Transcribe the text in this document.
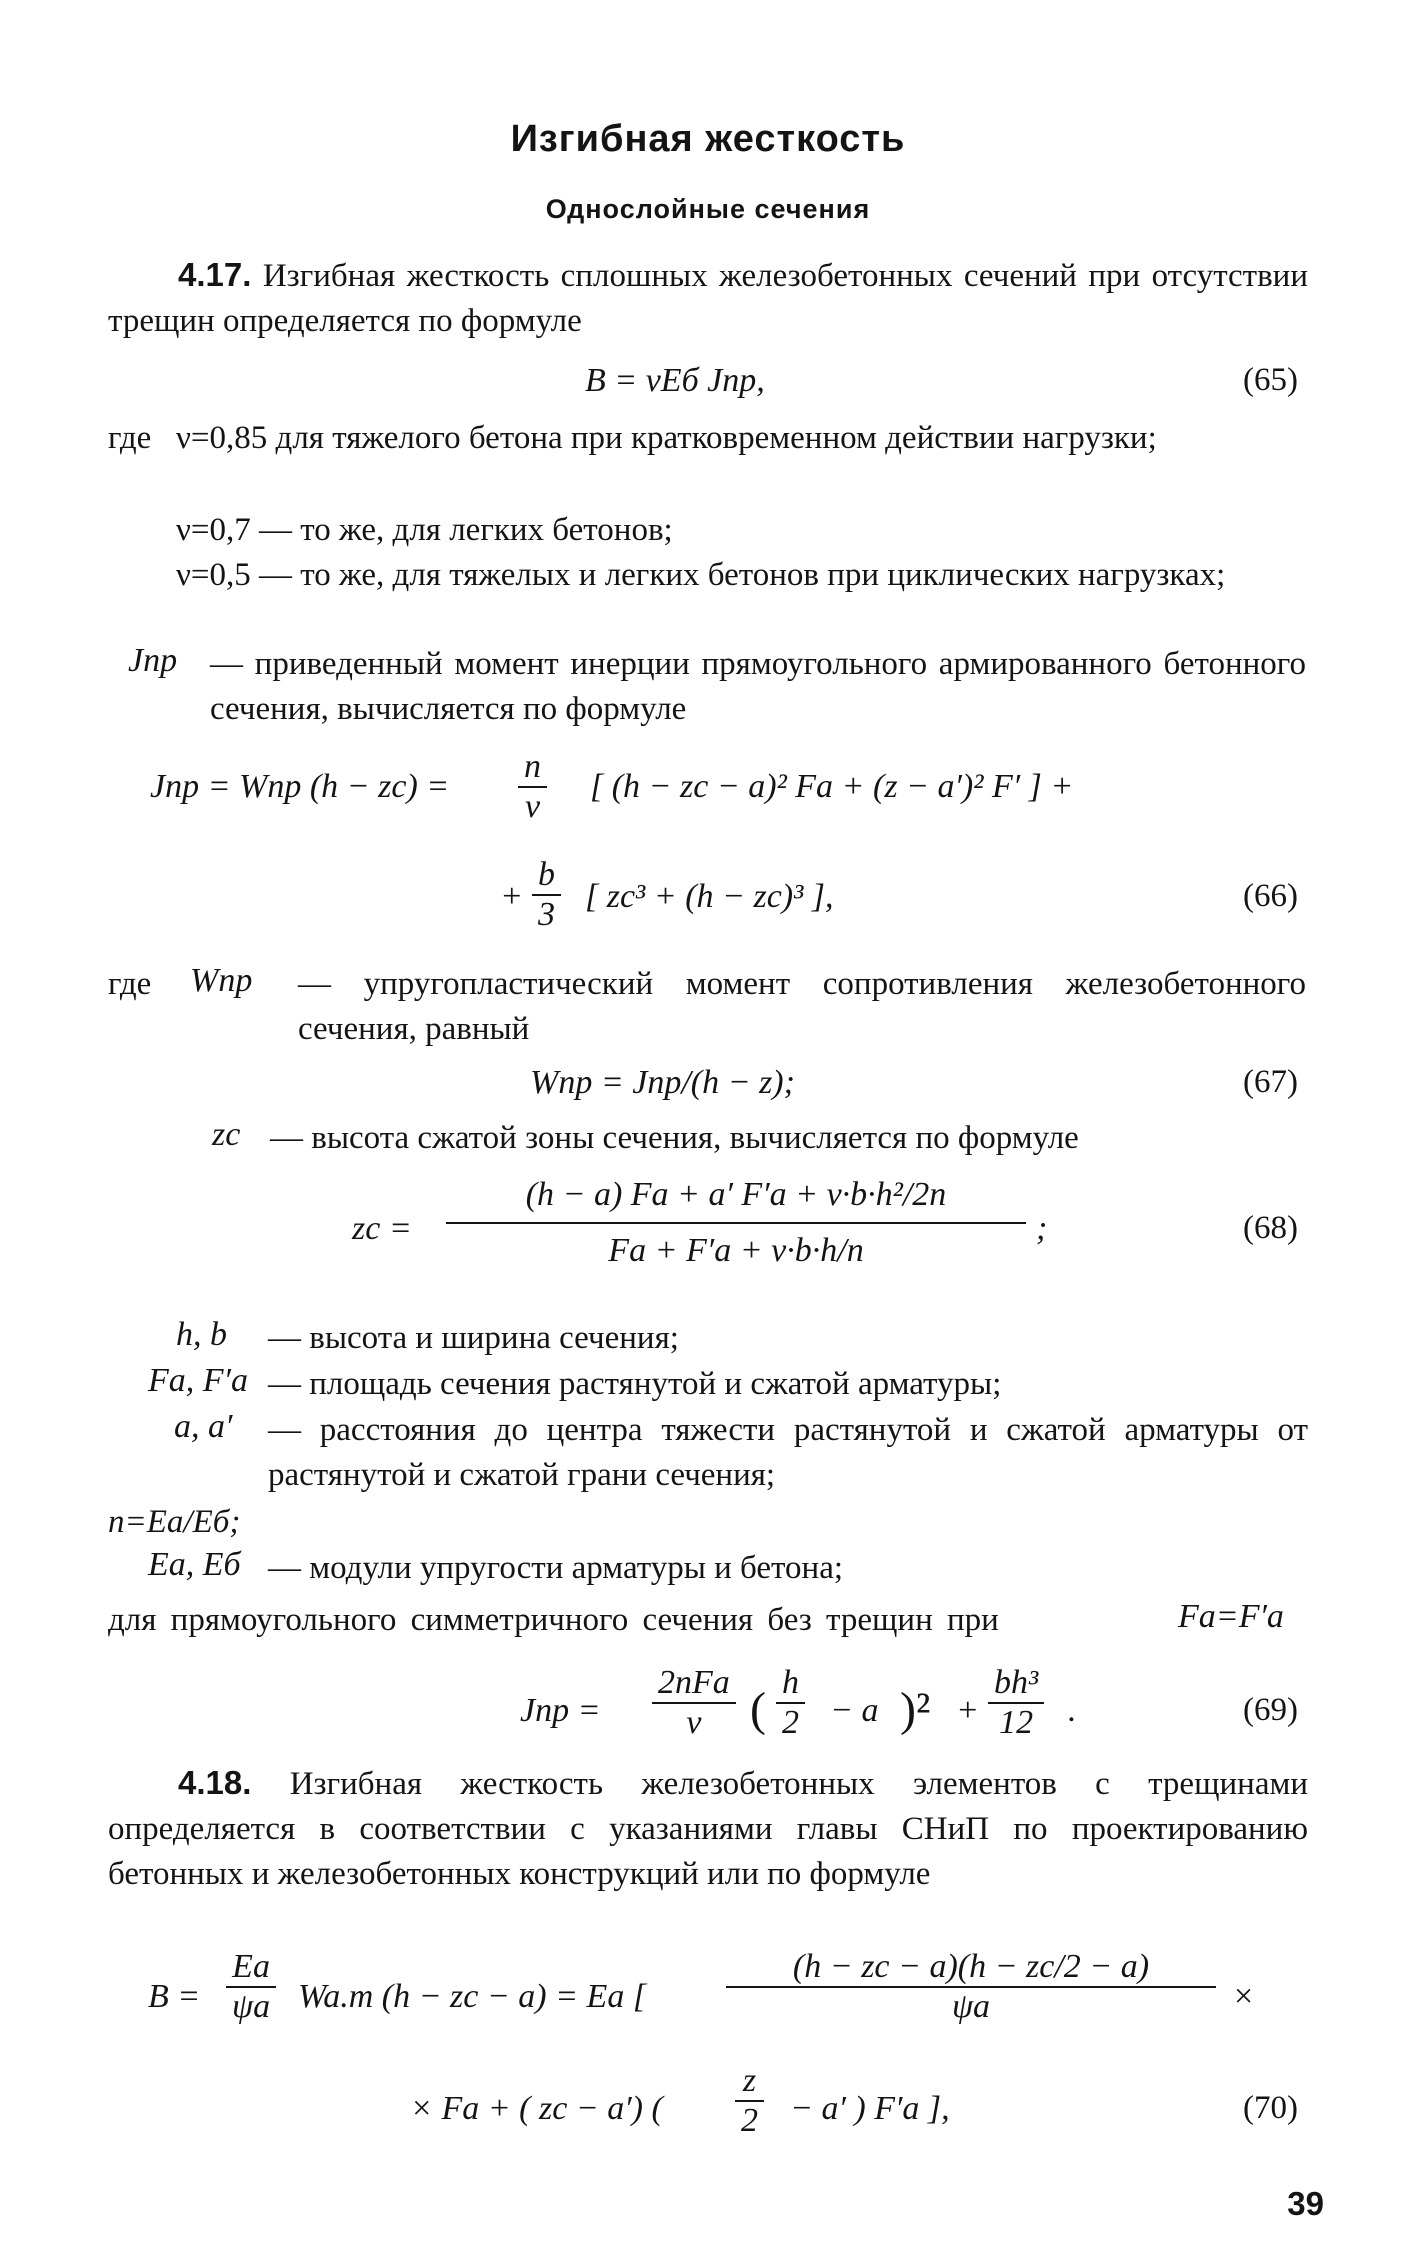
Изгибная жесткость
Однослойные сечения

4.17. Изгибная жесткость сплошных железобетонных сечений при отсутствии трещин определяется по формуле

B = νEб Jпр,	(65)
где ν=0,85 для тяжелого бетона при кратковременном действии нагрузки;
ν=0,7 — то же, для легких бетонов;
ν=0,5 — то же, для тяжелых и легких бетонов при циклических нагрузках;
Jпр — приведенный момент инерции прямоугольного армированного бетонного сечения, вычисляется по формуле
Jпр = Wпр $(h - zc) = \frac{n}{\nu}$ [ (h − zc − a)² Fa + (z − a′)² F′ ] +
+ $\frac{b}{3}$ [ zc³ + (h − zc)³ ],	(66)
где Wпр — упругопластический момент сопротивления железобетонного сечения, равный
Wпр = Jпр/(h − z);	(67)
zc — высота сжатой зоны сечения, вычисляется по формуле
zc = $\frac{\text{(h − a) Fa + a′ F′a + ν·b·h²/2n}}{Fa + F'a + \nu\cdot b\cdot h/n}$ ;	(68)
h, b — высота и ширина сечения;
Fa, F′a — площадь сечения растянутой и сжатой арматуры;
a, a′ — расстояния до центра тяжести растянутой и сжатой арматуры от растянутой и сжатой грани сечения;
n=Eа/Eб;
Ea, Eб — модули упругости арматуры и бетона;
для прямоугольного симметричного сечения без трещин при	Fa=F′a
Jпр = $\frac{\text{2nFa}}{\nu}$ ( $\frac{h}{2} - a$ )$^2 + \frac{\text{bh³}}{12}$ .	(69)

4.18. Изгибная жесткость железобетонных элементов с трещинами определяется в соответствии с указаниями главы СНиП по проектированию бетонных и железобетонных конструкций или по формуле

$B = \frac{Ea}{\psi a} Wa.т$ (h − zc − a) = Ea [ $\frac{(h - zc - a)(h - zc/2 - a)}{\psi a}$ ×
× Fa + ( zc − a′) ( $\frac{z}{2} - a'$ ) F′a ],	(70)
39
